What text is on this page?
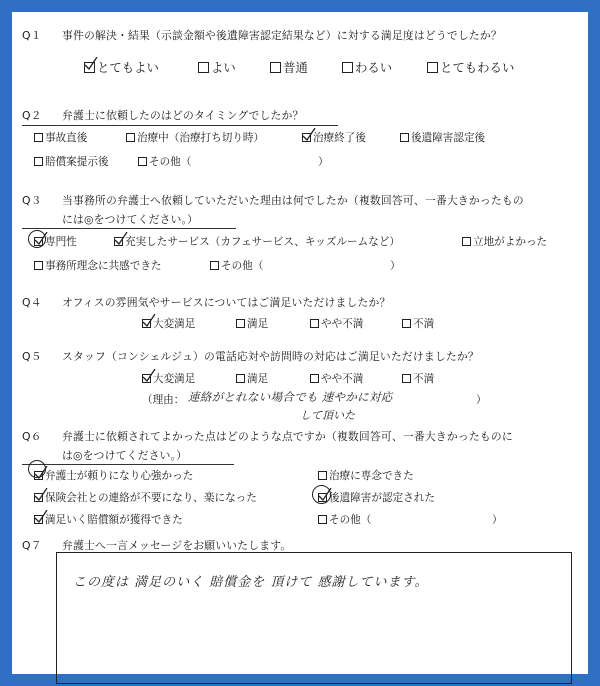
Q１ 事件の解決・結果（示談金額や後遺障害認定結果など）に対する満足度はどうでしたか？
とてもよい	よい	普通	わるい	とてもわるい
Q２ 弁護士に依頼したのはどのタイミングでしたか？
事故直後	治療中（治療打ち切り時）	治療終了後	後遺障害認定後
賠償案提示後	その他（	）
Q３ 当事務所の弁護士へ依頼していただいた理由は何でしたか（複数回答可、一番大きかったもの
には◎をつけてください。）
専門性	充実したサービス（カフェサービス、キッズルームなど）	立地がよかった
事務所理念に共感できた	その他（	）
Q４ オフィスの雰囲気やサービスについてはご満足いただけましたか？
大変満足	満足	やや不満	不満
Q５ スタッフ（コンシェルジュ）の電話応対や訪問時の対応はご満足いただけましたか？
大変満足	満足	やや不満	不満
（理由： 連絡がとれない場合でも 速やかに対応
して頂いた
）
Q６ 弁護士に依頼されてよかった点はどのような点ですか（複数回答可、一番大きかったものに
は◎をつけてください。）
弁護士が頼りになり心強かった	治療に専念できた
保険会社との連絡が不要になり、楽になった	後遺障害が認定された
満足いく賠償額が獲得できた	その他（	）
Q７ 弁護士へ一言メッセージをお願いいたします。
この度は 満足のいく 賠償金を 頂けて 感謝しています。
